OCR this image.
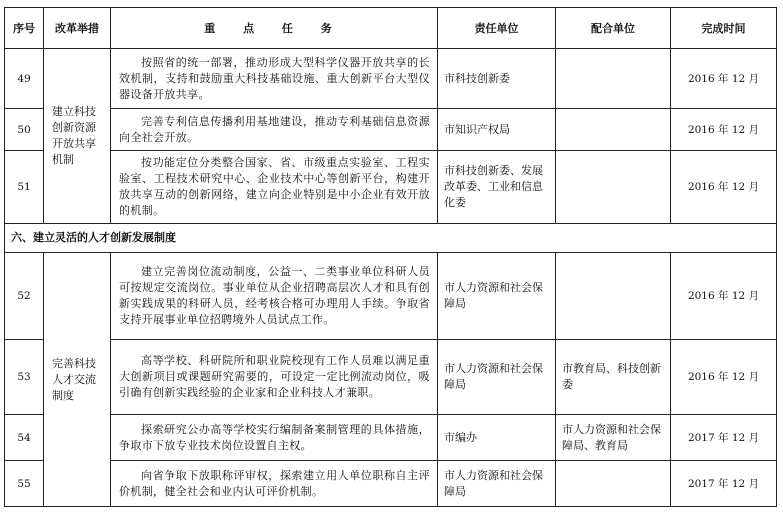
序号	改革举措	重 点 任 务	责任单位	配合单位	完成时间
49	建立科技创新资源开放共享机制	按照省的统一部署，推动形成大型科学仪器开放共享的长效机制，支持和鼓励重大科技基础设施、重大创新平台大型仪器设备开放共享。	市科技创新委		2016 年 12 月
50		完善专利信息传播利用基地建设，推动专利基础信息资源向全社会开放。	市知识产权局		2016 年 12 月
51		按功能定位分类整合国家、省、市级重点实验室、工程实验室、工程技术研究中心、企业技术中心等创新平台，构建开放共享互动的创新网络，建立向企业特别是中小企业有效开放的机制。	市科技创新委、发展改革委、工业和信息化委		2016 年 12 月
六、建立灵活的人才创新发展制度					
52	完善科技人才交流制度	建立完善岗位流动制度，公益一、二类事业单位科研人员可按规定交流岗位。事业单位从企业招聘高层次人才和具有创新实践成果的科研人员，经考核合格可办理用人手续。争取省支持开展事业单位招聘境外人员试点工作。	市人力资源和社会保障局		2016 年 12 月
53		高等学校、科研院所和职业院校现有工作人员难以满足重大创新项目或课题研究需要的，可设定一定比例流动岗位，吸引确有创新实践经验的企业家和企业科技人才兼职。	市人力资源和社会保障局	市教育局、科技创新委	2016 年 12 月
54		探索研究公办高等学校实行编制备案制管理的具体措施，争取市下放专业技术岗位设置自主权。	市编办	市人力资源和社会保障局、教育局	2017 年 12 月
55		向省争取下放职称评审权，探索建立用人单位职称自主评价机制，健全社会和业内认可评价机制。	市人力资源和社会保障局		2017 年 12 月
